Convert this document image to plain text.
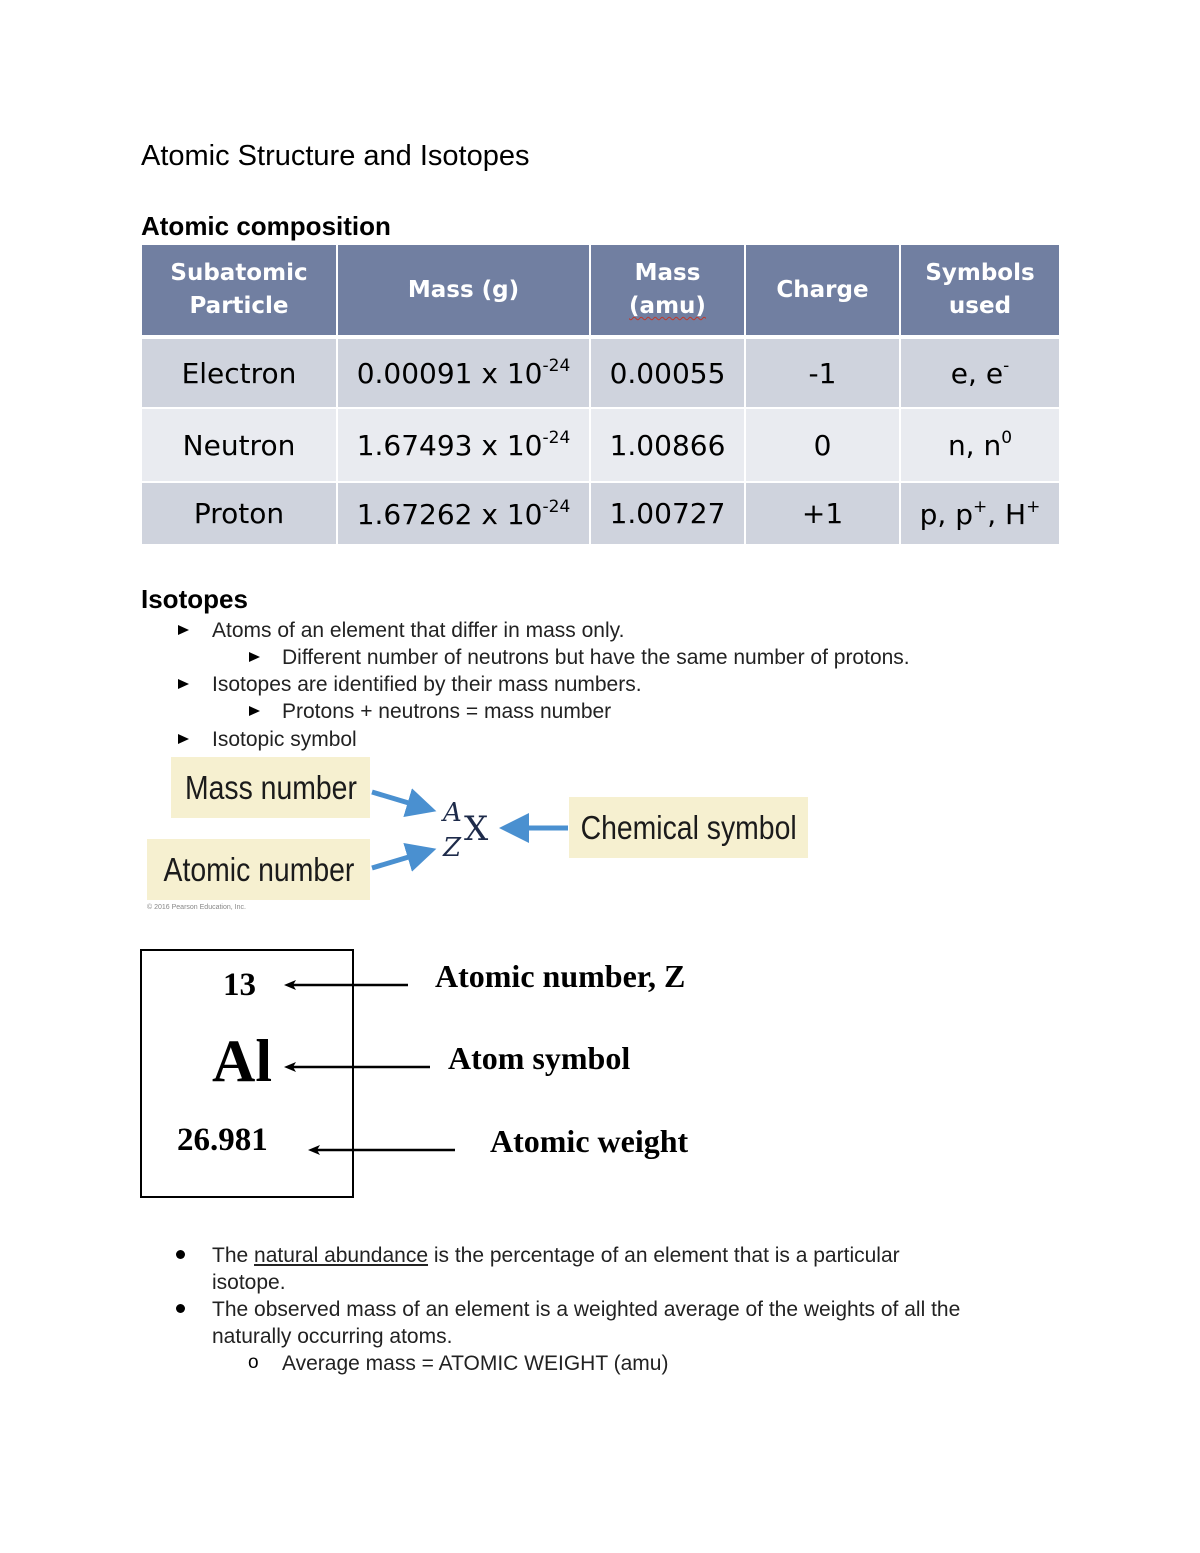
Atomic Structure and Isotopes
Atomic composition
Subatomic Particle	Mass (g)	Mass (amu)	Charge	Symbols used
Electron	0.00091 x $10^{-24}$	0.00055	-1	e, e-
Neutron	1.67493 x $10^{-24}$	1.00866	0	n, $n^0$
Proton	1.67262 x $10^{-24}$	1.00727	+1	p, p+, H+
Isotopes
Atoms of an element that differ in mass only.
Different number of neutrons but have the same number of protons.
Isotopes are identified by their mass numbers.
Protons + neutrons = mass number
Isotopic symbol
Mass number
Atomic number
Chemical symbol
A
Z X
© 2016 Pearson Education, Inc.
13
Al
26.981
Atomic number, Z
Atom symbol
Atomic weight
The natural abundance is the percentage of an element that is a particular
isotope.
The observed mass of an element is a weighted average of the weights of all the
naturally occurring atoms.
o Average mass = ATOMIC WEIGHT (amu)
